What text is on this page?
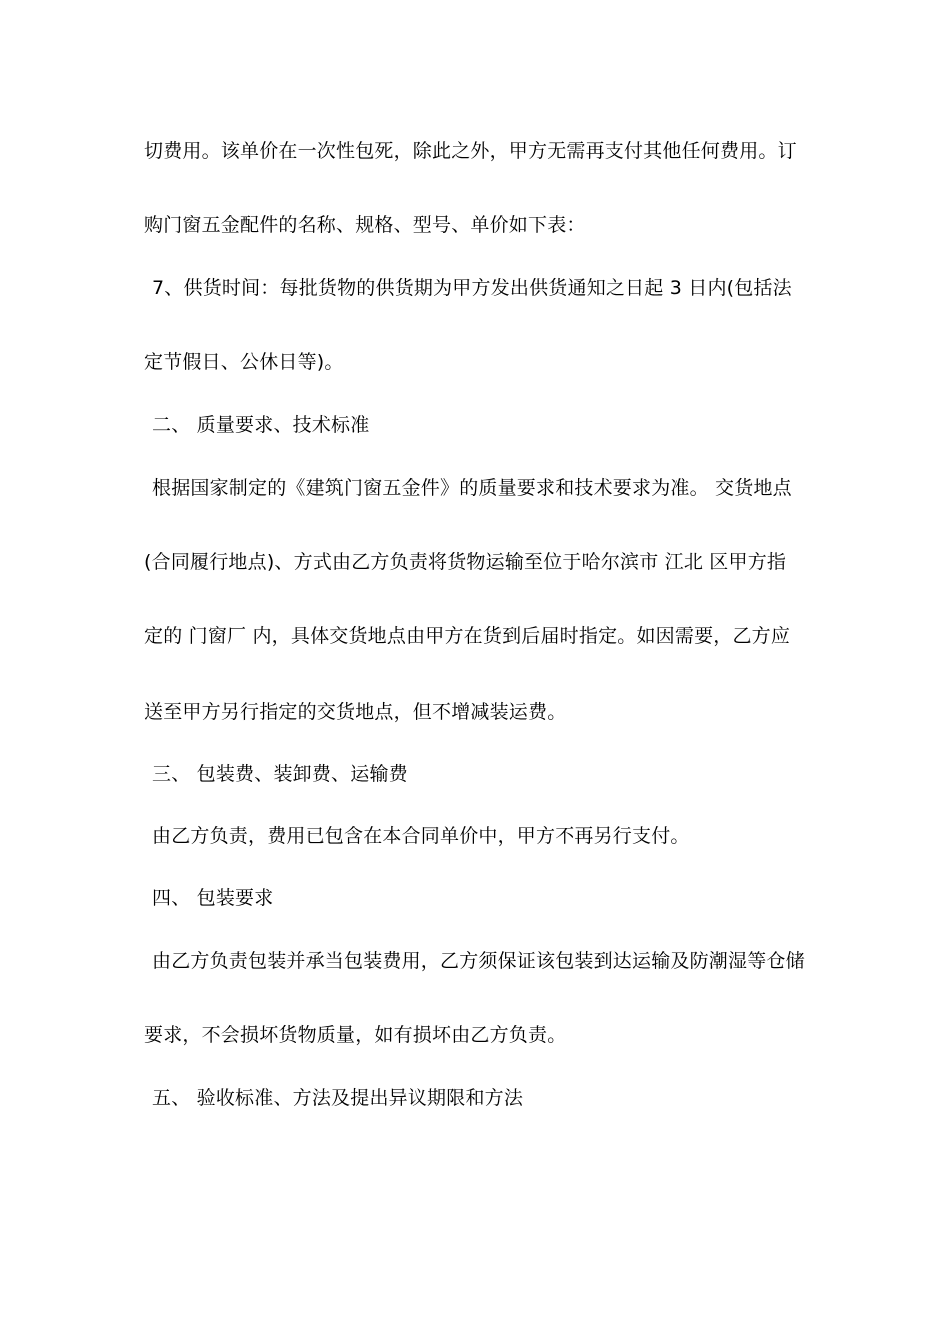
切费用。该单价在一次性包死，除此之外，甲方无需再支付其他任何费用。订
购门窗五金配件的名称、规格、型号、单价如下表：
7、供货时间：每批货物的供货期为甲方发出供货通知之日起 3 日内(包括法
定节假日、公休日等)。
二、 质量要求、技术标准
根据国家制定的《建筑门窗五金件》的质量要求和技术要求为准。 交货地点
(合同履行地点)、方式由乙方负责将货物运输至位于哈尔滨市 江北 区甲方指
定的 门窗厂 内，具体交货地点由甲方在货到后届时指定。如因需要，乙方应
送至甲方另行指定的交货地点，但不增减装运费。
三、 包装费、装卸费、运输费
由乙方负责，费用已包含在本合同单价中，甲方不再另行支付。
四、 包装要求
由乙方负责包装并承当包装费用，乙方须保证该包装到达运输及防潮湿等仓储
要求，不会损坏货物质量，如有损坏由乙方负责。
五、 验收标准、方法及提出异议期限和方法
